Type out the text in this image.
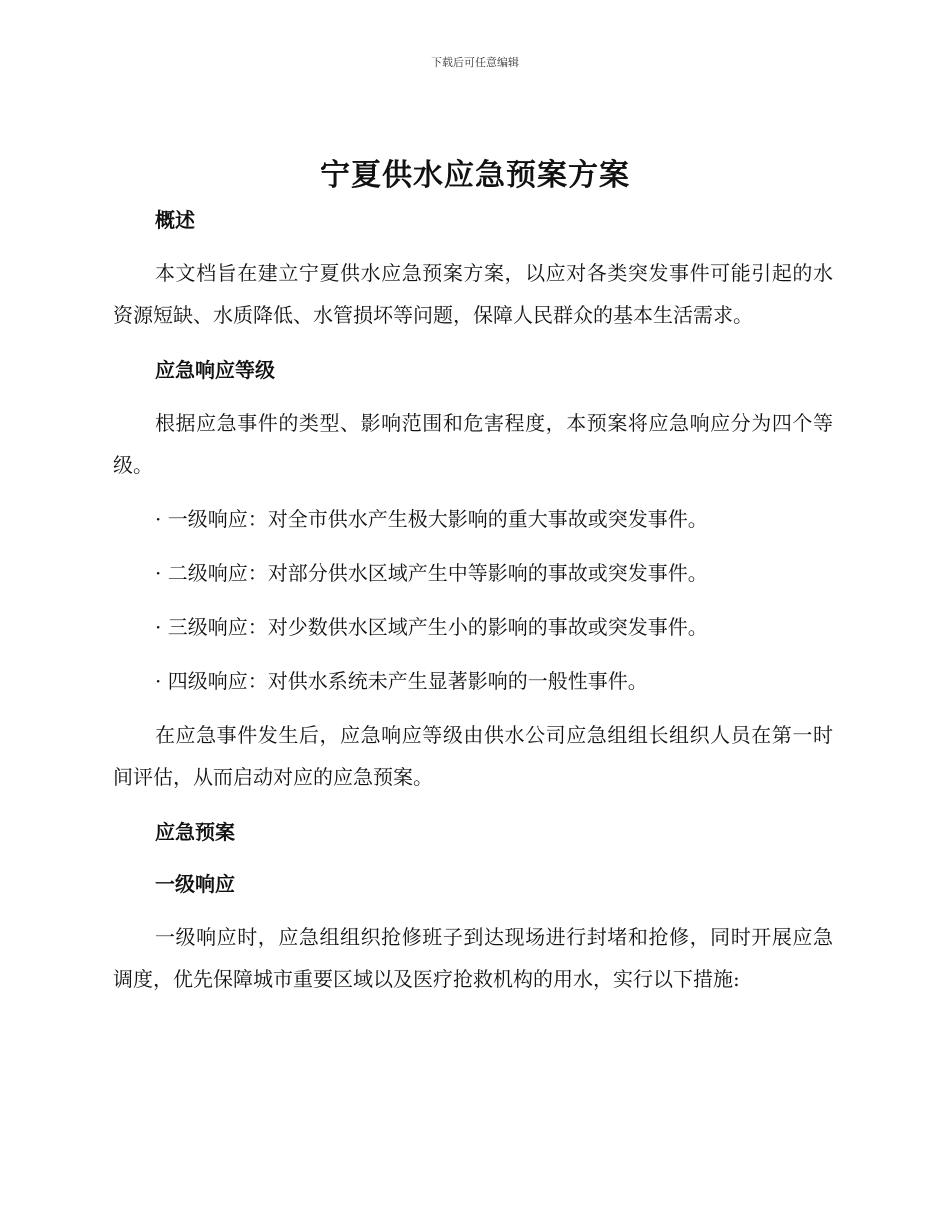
下载后可任意编辑
宁夏供水应急预案方案

概述

本文档旨在建立宁夏供水应急预案方案，以应对各类突发事件可能引起的水资源短缺、水质降低、水管损坏等问题，保障人民群众的基本生活需求。

应急响应等级

根据应急事件的类型、影响范围和危害程度，本预案将应急响应分为四个等级。

· 一级响应：对全市供水产生极大影响的重大事故或突发事件。

· 二级响应：对部分供水区域产生中等影响的事故或突发事件。

· 三级响应：对少数供水区域产生小的影响的事故或突发事件。

· 四级响应：对供水系统未产生显著影响的一般性事件。

在应急事件发生后，应急响应等级由供水公司应急组组长组织人员在第一时间评估，从而启动对应的应急预案。

应急预案

一级响应

一级响应时，应急组组织抢修班子到达现场进行封堵和抢修，同时开展应急调度，优先保障城市重要区域以及医疗抢救机构的用水，实行以下措施:
